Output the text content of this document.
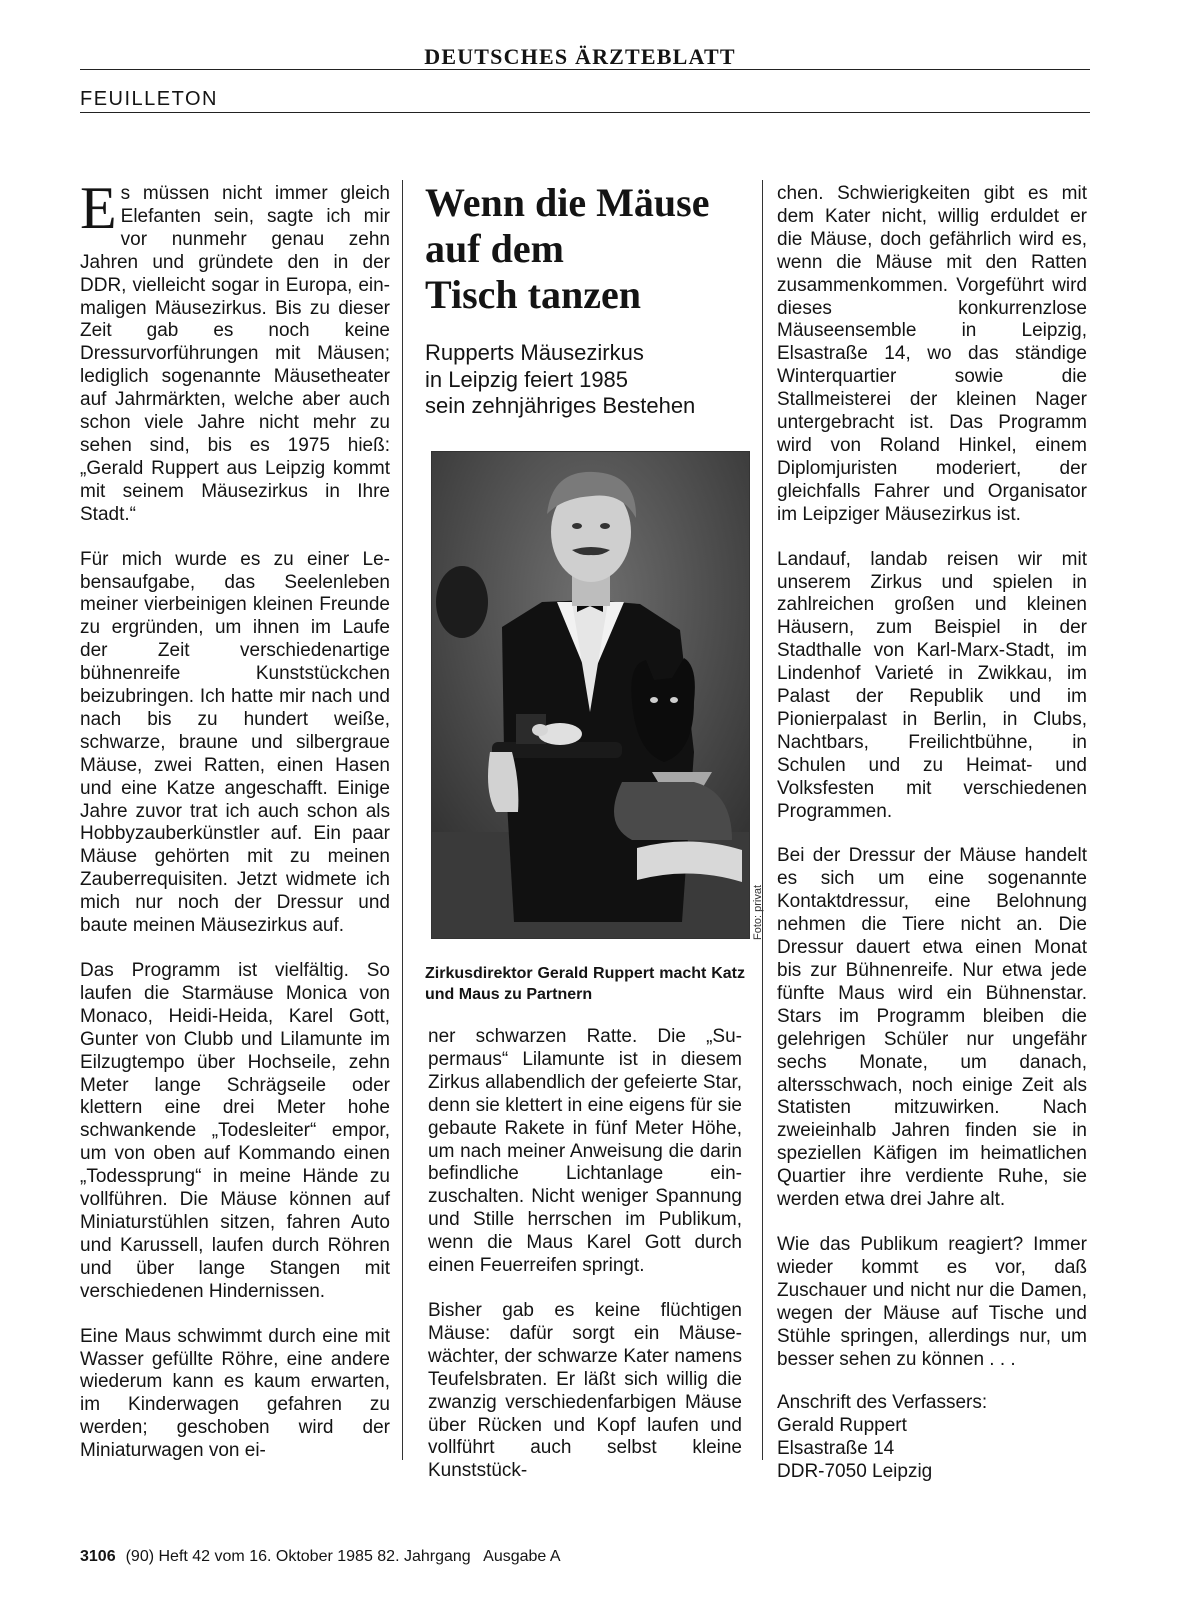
DEUTSCHES ÄRZTEBLATT
FEUILLETON

Es müssen nicht immer gleich Elefanten sein, sagte ich mir vor nunmehr genau zehn Jahren und gründete den in der DDR, vielleicht sogar in Europa, einmaligen Mäusezirkus. Bis zu dieser Zeit gab es noch keine Dressurvorführungen mit Mäusen; lediglich sogenannte Mäusetheater auf Jahrmärkten, welche aber auch schon viele Jahre nicht mehr zu sehen sind, bis es 1975 hieß: „Gerald Ruppert aus Leipzig kommt mit seinem Mäusezirkus in Ihre Stadt.“

Für mich wurde es zu einer Lebensaufgabe, das Seelenleben meiner vierbeinigen kleinen Freunde zu ergründen, um ihnen im Laufe der Zeit verschiedenartige bühnenreife Kunststückchen beizubringen. Ich hatte mir nach und nach bis zu hundert weiße, schwarze, braune und silbergraue Mäuse, zwei Ratten, einen Hasen und eine Katze angeschafft. Einige Jahre zuvor trat ich auch schon als Hobbyzauberkünstler auf. Ein paar Mäuse gehörten mit zu meinen Zauberrequisiten. Jetzt widmete ich mich nur noch der Dressur und baute meinen Mäusezirkus auf.

Das Programm ist vielfältig. So laufen die Starmäuse Monica von Monaco, Heidi-Heida, Karel Gott, Gunter von Clubb und Lilamunte im Eilzugtempo über Hochseile, zehn Meter lange Schrägseile oder klettern eine drei Meter hohe schwankende „Todesleiter“ empor, um von oben auf Kommando einen „Todessprung“ in meine Hände zu vollführen. Die Mäuse können auf Miniaturstühlen sitzen, fahren Auto und Karussell, laufen durch Röhren und über lange Stangen mit verschiedenen Hindernissen.

Eine Maus schwimmt durch eine mit Wasser gefüllte Röhre, eine andere wiederum kann es kaum erwarten, im Kinderwagen gefahren zu werden; geschoben wird der Miniaturwagen von ei-

Wenn die Mäuse
auf dem
Tisch tanzen
Rupperts Mäusezirkus
in Leipzig feiert 1985
sein zehnjähriges Bestehen
Foto: privat

Zirkusdirektor Gerald Ruppert macht Katz und Maus zu Partnern

ner schwarzen Ratte. Die „Supermaus“ Lilamunte ist in diesem Zirkus allabendlich der gefeierte Star, denn sie klettert in eine eigens für sie gebaute Rakete in fünf Meter Höhe, um nach meiner Anweisung die darin befindliche Lichtanlage einzuschalten. Nicht weniger Spannung und Stille herrschen im Publikum, wenn die Maus Karel Gott durch einen Feuerreifen springt.

Bisher gab es keine flüchtigen Mäuse: dafür sorgt ein Mäusewächter, der schwarze Kater namens Teufelsbraten. Er läßt sich willig die zwanzig verschiedenfarbigen Mäuse über Rücken und Kopf laufen und vollführt auch selbst kleine Kunststück-

chen. Schwierigkeiten gibt es mit dem Kater nicht, willig erduldet er die Mäuse, doch gefährlich wird es, wenn die Mäuse mit den Ratten zusammenkommen. Vorgeführt wird dieses konkurrenzlose Mäuseensemble in Leipzig, Elsastraße 14, wo das ständige Winterquartier sowie die Stallmeisterei der kleinen Nager untergebracht ist. Das Programm wird von Roland Hinkel, einem Diplomjuristen moderiert, der gleichfalls Fahrer und Organisator im Leipziger Mäusezirkus ist.

Landauf, landab reisen wir mit unserem Zirkus und spielen in zahlreichen großen und kleinen Häusern, zum Beispiel in der Stadthalle von Karl-Marx-Stadt, im Lindenhof Varieté in Zwikkau, im Palast der Republik und im Pionierpalast in Berlin, in Clubs, Nachtbars, Freilichtbühne, in Schulen und zu Heimat- und Volksfesten mit verschiedenen Programmen.

Bei der Dressur der Mäuse handelt es sich um eine sogenannte Kontaktdressur, eine Belohnung nehmen die Tiere nicht an. Die Dressur dauert etwa einen Monat bis zur Bühnenreife. Nur etwa jede fünfte Maus wird ein Bühnenstar. Stars im Programm bleiben die gelehrigen Schüler nur ungefähr sechs Monate, um danach, altersschwach, noch einige Zeit als Statisten mitzuwirken. Nach zweieinhalb Jahren finden sie in speziellen Käfigen im heimatlichen Quartier ihre verdiente Ruhe, sie werden etwa drei Jahre alt.

Wie das Publikum reagiert? Immer wieder kommt es vor, daß Zuschauer und nicht nur die Damen, wegen der Mäuse auf Tische und Stühle springen, allerdings nur, um besser sehen zu können . . .

Anschrift des Verfassers:
Gerald Ruppert
Elsastraße 14
DDR-7050 Leipzig
3106 (90) Heft 42 vom 16. Oktober 1985 82. Jahrgang   Ausgabe A
